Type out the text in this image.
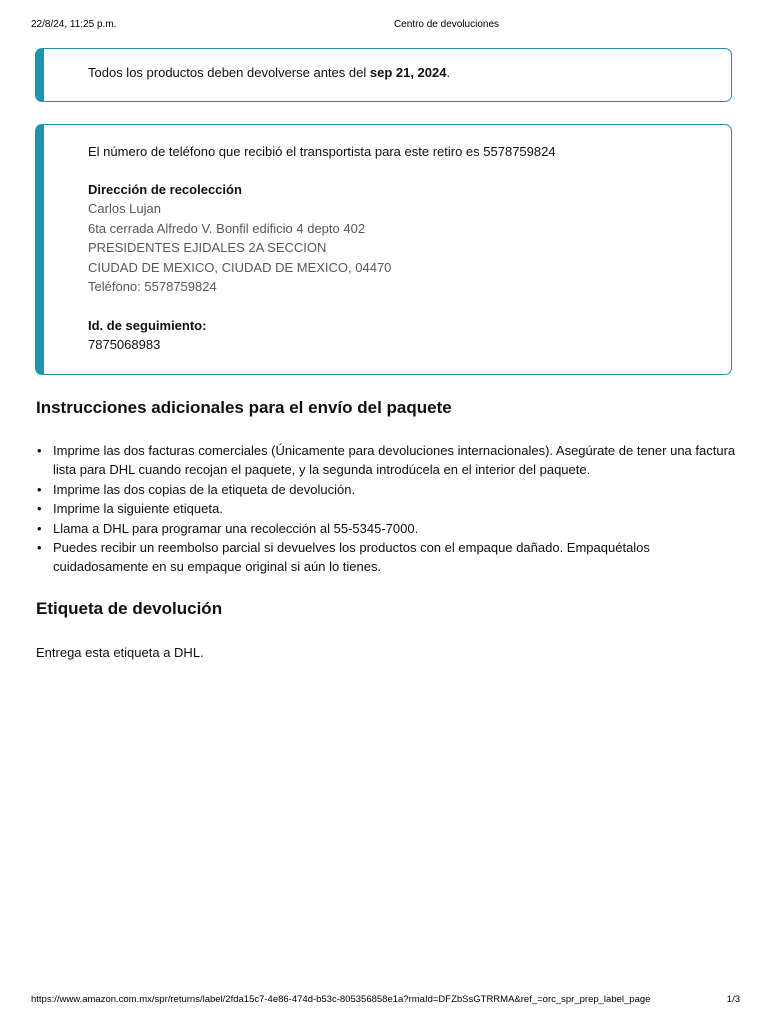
22/8/24, 11:25 p.m.	Centro de devoluciones
Todos los productos deben devolverse antes del sep 21, 2024.
El número de teléfono que recibió el transportista para este retiro es 5578759824
Dirección de recolección
Carlos Lujan
6ta cerrada Alfredo V. Bonfil edificio 4 depto 402
PRESIDENTES EJIDALES 2A SECCION
CIUDAD DE MEXICO, CIUDAD DE MEXICO, 04470
Teléfono: 5578759824
Id. de seguimiento:
7875068983
Instrucciones adicionales para el envío del paquete
• Imprime las dos facturas comerciales (Únicamente para devoluciones internacionales). Asegúrate de tener una factura lista para DHL cuando recojan el paquete, y la segunda introdúcela en el interior del paquete.
• Imprime las dos copias de la etiqueta de devolución.
• Imprime la siguiente etiqueta.
• Llama a DHL para programar una recolección al 55-5345-7000.
• Puedes recibir un reembolso parcial si devuelves los productos con el empaque dañado. Empaquétalos cuidadosamente en su empaque original si aún lo tienes.
Etiqueta de devolución
Entrega esta etiqueta a DHL.
https://www.amazon.com.mx/spr/returns/label/2fda15c7-4e86-474d-b53c-805356858e1a?rmaId=DFZbSsGTRRMA&ref_=orc_spr_prep_label_page	1/3
